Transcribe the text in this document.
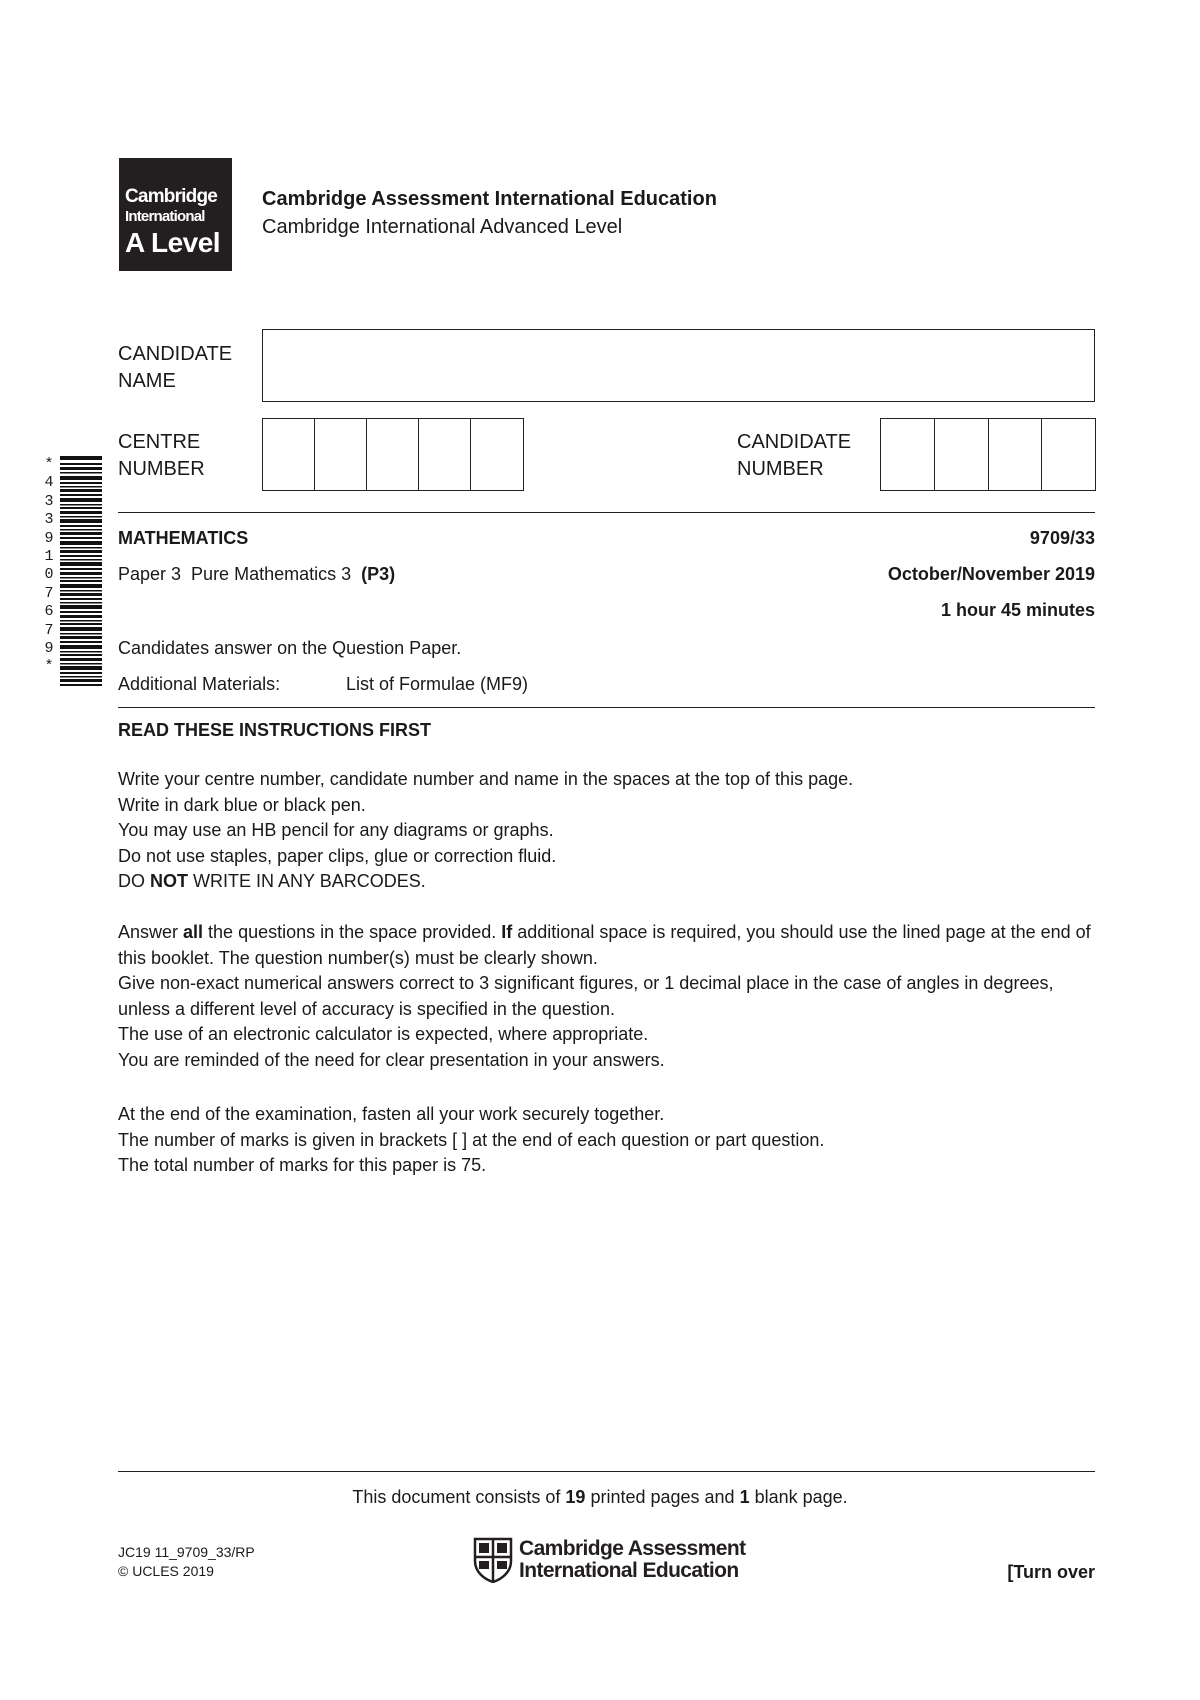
Cambridge
International
A Level
Cambridge Assessment International Education
Cambridge International Advanced Level
CANDIDATE
NAME
CENTRE
NUMBER
CANDIDATE
NUMBER
*
4
3
3
9
1
0
7
6
7
9
*
MATHEMATICS	9709/33
Paper 3  Pure Mathematics 3  (P3)	October/November 2019
1 hour 45 minutes
Candidates answer on the Question Paper.
Additional Materials:	List of Formulae (MF9)
READ THESE INSTRUCTIONS FIRST

Write your centre number, candidate number and name in the spaces at the top of this page.

Write in dark blue or black pen.

You may use an HB pencil for any diagrams or graphs.

Do not use staples, paper clips, glue or correction fluid.

DO NOT WRITE IN ANY BARCODES.

Answer all the questions in the space provided. If additional space is required, you should use the lined page at the end of this booklet. The question number(s) must be clearly shown.

Give non-exact numerical answers correct to 3 significant figures, or 1 decimal place in the case of angles in degrees, unless a different level of accuracy is specified in the question.

The use of an electronic calculator is expected, where appropriate.

You are reminded of the need for clear presentation in your answers.

At the end of the examination, fasten all your work securely together.

The number of marks is given in brackets [ ] at the end of each question or part question.

The total number of marks for this paper is 75.

This document consists of 19 printed pages and 1 blank page.
JC19 11_9709_33/RP
© UCLES 2019
Cambridge Assessment
International Education	[Turn over
